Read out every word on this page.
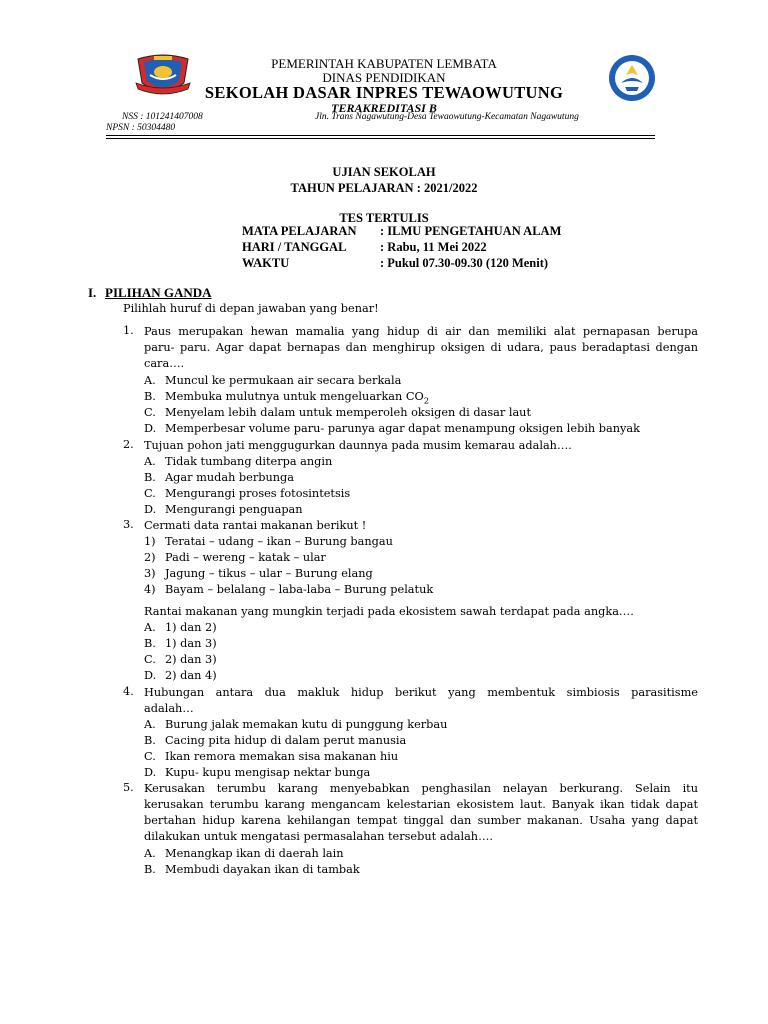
PEMERINTAH KABUPATEN LEMBATA
DINAS PENDIDIKAN
SEKOLAH DASAR INPRES TEWAOWUTUNG
TERAKREDITASI B
NSS : 101241407008	Jln. Trans Nagawutung-Desa Tewaowutung-Kecamatan Nagawutung
NPSN : 50304480
UJIAN SEKOLAH
TAHUN PELAJARAN : 2021/2022
TES TERTULIS
MATA PELAJARAN : ILMU PENGETAHUAN ALAM
HARI / TANGGAL	: Rabu, 11 Mei 2022
WAKTU	: Pukul 07.30-09.30 (120 Menit)
I. PILIHAN GANDA
Pilihlah huruf di depan jawaban yang benar!
1. Paus merupakan hewan mamalia yang hidup di air dan memiliki alat pernapasan berupa
paru- paru. Agar dapat bernapas dan menghirup oksigen di udara, paus beradaptasi dengan
cara….
A. Muncul ke permukaan air secara berkala
B. Membuka mulutnya untuk mengeluarkan $CO_2$
C. Menyelam lebih dalam untuk memperoleh oksigen di dasar laut
D. Memperbesar volume paru- parunya agar dapat menampung oksigen lebih banyak
2. Tujuan pohon jati menggugurkan daunnya pada musim kemarau adalah….
A. Tidak tumbang diterpa angin
B. Agar mudah berbunga
C. Mengurangi proses fotosintetsis
D. Mengurangi penguapan
3. Cermati data rantai makanan berikut !
1) Teratai – udang – ikan – Burung bangau
2) Padi – wereng – katak – ular
3) Jagung – tikus – ular – Burung elang
4) Bayam – belalang – laba-laba – Burung pelatuk
Rantai makanan yang mungkin terjadi pada ekosistem sawah terdapat pada angka….
A. 1) dan 2)
B. 1) dan 3)
C. 2) dan 3)
D. 2) dan 4)
4. Hubungan antara dua makluk hidup berikut yang membentuk simbiosis parasitisme
adalah…
A. Burung jalak memakan kutu di punggung kerbau
B. Cacing pita hidup di dalam perut manusia
C. Ikan remora memakan sisa makanan hiu
D. Kupu- kupu mengisap nektar bunga
5. Kerusakan terumbu karang menyebabkan penghasilan nelayan berkurang. Selain itu
kerusakan terumbu karang mengancam kelestarian ekosistem laut. Banyak ikan tidak dapat
bertahan hidup karena kehilangan tempat tinggal dan sumber makanan. Usaha yang dapat
dilakukan untuk mengatasi permasalahan tersebut adalah….
A. Menangkap ikan di daerah lain
B. Membudi dayakan ikan di tambak
